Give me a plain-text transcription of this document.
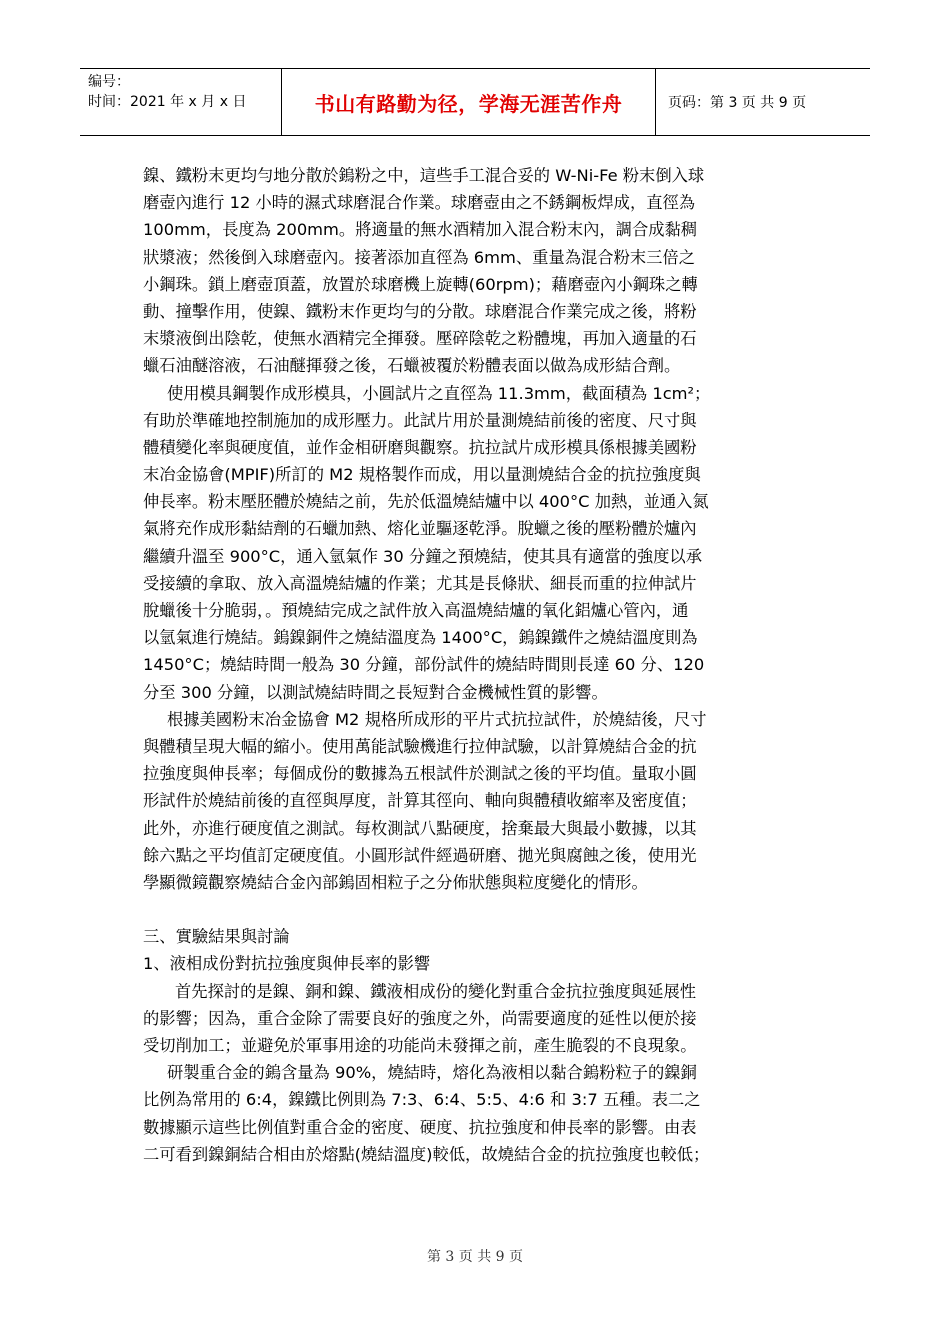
编号：
时间：2021 年 x 月 x 日	书山有路勤为径，学海无涯苦作舟	页码：第 3 页 共 9 页
鎳、鐵粉末更均勻地分散於鎢粉之中，這些手工混合妥的 W-Ni-Fe 粉末倒入球
磨壺內進行 12 小時的濕式球磨混合作業。球磨壺由之不銹鋼板焊成，直徑為
100mm，長度為 200mm。將適量的無水酒精加入混合粉末內，調合成黏稠
狀漿液；然後倒入球磨壺內。接著添加直徑為 6mm、重量為混合粉末三倍之
小鋼珠。鎖上磨壺頂蓋，放置於球磨機上旋轉(60rpm)；藉磨壺內小鋼珠之轉
動、撞擊作用，使鎳、鐵粉末作更均勻的分散。球磨混合作業完成之後，將粉
末漿液倒出陰乾，使無水酒精完全揮發。壓碎陰乾之粉體塊，再加入適量的石
蠟石油醚溶液，石油醚揮發之後，石蠟被覆於粉體表面以做為成形結合劑。
使用模具鋼製作成形模具，小圓試片之直徑為 11.3mm，截面積為 1cm²；
有助於準確地控制施加的成形壓力。此試片用於量測燒結前後的密度、尺寸與
體積變化率與硬度值，並作金相研磨與觀察。抗拉試片成形模具係根據美國粉
末冶金協會(MPIF)所訂的 M2 規格製作而成，用以量測燒結合金的抗拉強度與
伸長率。粉末壓胚體於燒結之前，先於低溫燒結爐中以 400°C 加熱，並通入氮
氣將充作成形黏結劑的石蠟加熱、熔化並驅逐乾淨。脫蠟之後的壓粉體於爐內
繼續升溫至 900°C，通入氫氣作 30 分鐘之預燒結，使其具有適當的強度以承
受接續的拿取、放入高溫燒結爐的作業；尤其是長條狀、細長而重的拉伸試片
脫蠟後十分脆弱，。預燒結完成之試件放入高溫燒結爐的氧化鋁爐心管內，通
以氫氣進行燒結。鎢鎳銅件之燒結溫度為 1400°C，鎢鎳鐵件之燒結溫度則為
1450°C；燒結時間一般為 30 分鐘，部份試件的燒結時間則長達 60 分、120
分至 300 分鐘，以測試燒結時間之長短對合金機械性質的影響。
根據美國粉末冶金協會 M2 規格所成形的平片式抗拉試件，於燒結後，尺寸
與體積呈現大幅的縮小。使用萬能試驗機進行拉伸試驗，以計算燒結合金的抗
拉強度與伸長率；每個成份的數據為五根試件於測試之後的平均值。量取小圓
形試件於燒結前後的直徑與厚度，計算其徑向、軸向與體積收縮率及密度值；
此外，亦進行硬度值之測試。每枚測試八點硬度，捨棄最大與最小數據，以其
餘六點之平均值訂定硬度值。小圓形試件經過研磨、拋光與腐蝕之後，使用光
學顯微鏡觀察燒結合金內部鎢固相粒子之分佈狀態與粒度變化的情形。
三、實驗結果與討論
1、液相成份對抗拉強度與伸長率的影響
首先探討的是鎳、銅和鎳、鐵液相成份的變化對重合金抗拉強度與延展性
的影響；因為，重合金除了需要良好的強度之外，尚需要適度的延性以便於接
受切削加工；並避免於軍事用途的功能尚未發揮之前，產生脆裂的不良現象。
研製重合金的鎢含量為 90%，燒結時，熔化為液相以黏合鎢粉粒子的鎳銅
比例為常用的 6:4，鎳鐵比例則為 7:3、6:4、5:5、4:6 和 3:7 五種。表二之
數據顯示這些比例值對重合金的密度、硬度、抗拉強度和伸長率的影響。由表
二可看到鎳銅結合相由於熔點(燒結溫度)較低，故燒結合金的抗拉強度也較低；
第 3 页 共 9 页
